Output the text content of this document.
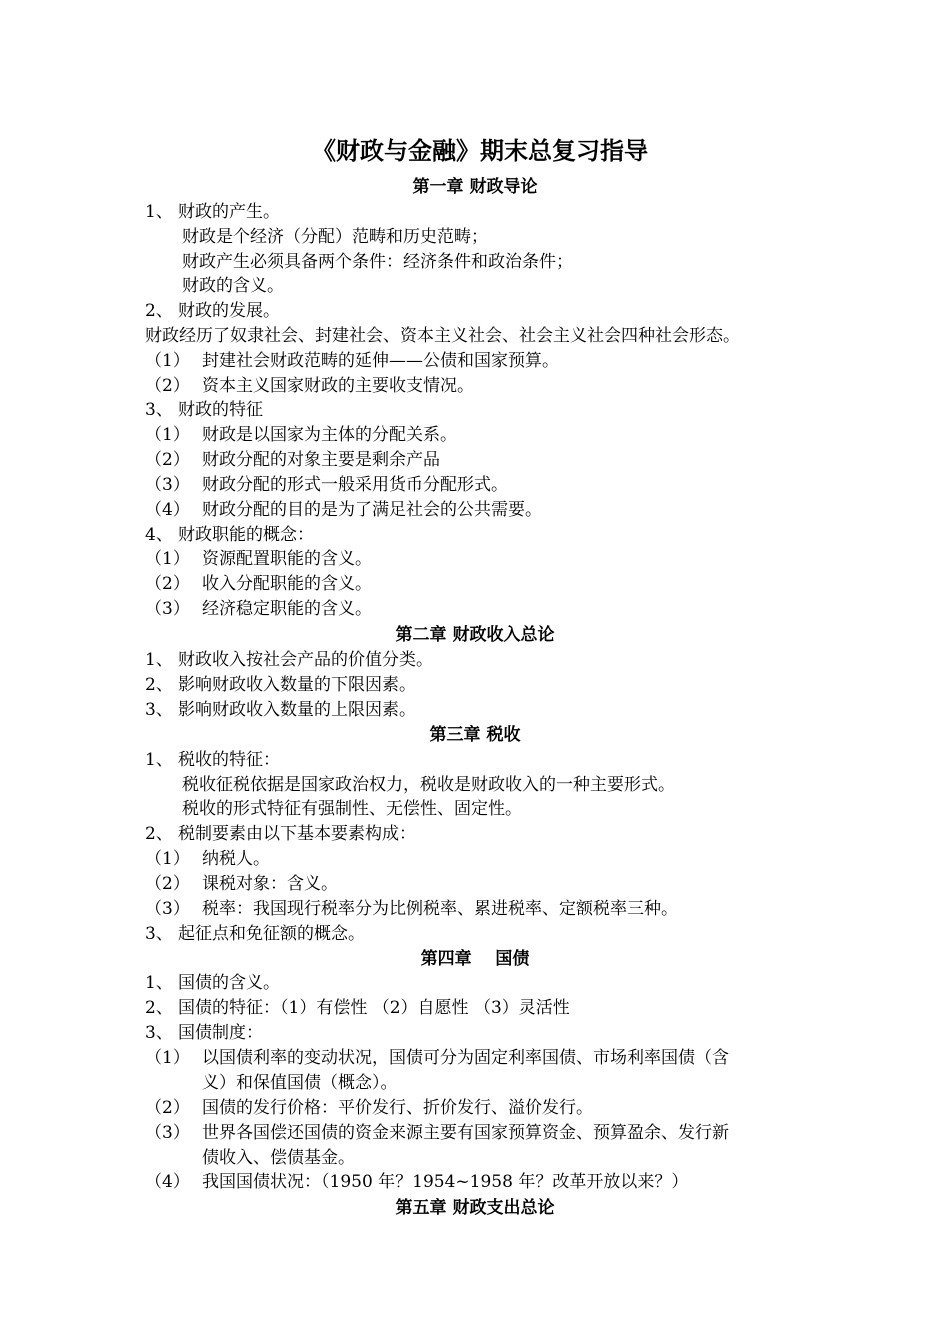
《财政与金融》期末总复习指导
第一章 财政导论
1、 财政的产生。
财政是个经济（分配）范畴和历史范畴；
财政产生必须具备两个条件：经济条件和政治条件；
财政的含义。
2、 财政的发展。
财政经历了奴隶社会、封建社会、资本主义社会、社会主义社会四种社会形态。
（1） 封建社会财政范畴的延伸——公债和国家预算。
（2） 资本主义国家财政的主要收支情况。
3、 财政的特征
（1） 财政是以国家为主体的分配关系。
（2） 财政分配的对象主要是剩余产品
（3） 财政分配的形式一般采用货币分配形式。
（4） 财政分配的目的是为了满足社会的公共需要。
4、 财政职能的概念：
（1） 资源配置职能的含义。
（2） 收入分配职能的含义。
（3） 经济稳定职能的含义。
第二章 财政收入总论
1、 财政收入按社会产品的价值分类。
2、 影响财政收入数量的下限因素。
3、 影响财政收入数量的上限因素。
第三章 税收
1、 税收的特征：
税收征税依据是国家政治权力，税收是财政收入的一种主要形式。
税收的形式特征有强制性、无偿性、固定性。
2、 税制要素由以下基本要素构成：
（1） 纳税人。
（2） 课税对象：含义。
（3） 税率：我国现行税率分为比例税率、累进税率、定额税率三种。
3、 起征点和免征额的概念。
第四章    国债
1、 国债的含义。
2、 国债的特征：（1）有偿性 （2）自愿性 （3）灵活性
3、 国债制度：
（1） 以国债利率的变动状况，国债可分为固定利率国债、市场利率国债（含
义）和保值国债（概念）。
（2） 国债的发行价格：平价发行、折价发行、溢价发行。
（3） 世界各国偿还国债的资金来源主要有国家预算资金、预算盈余、发行新
债收入、偿债基金。
（4） 我国国债状况：（1950 年？1954~1958 年？改革开放以来？）
第五章 财政支出总论
